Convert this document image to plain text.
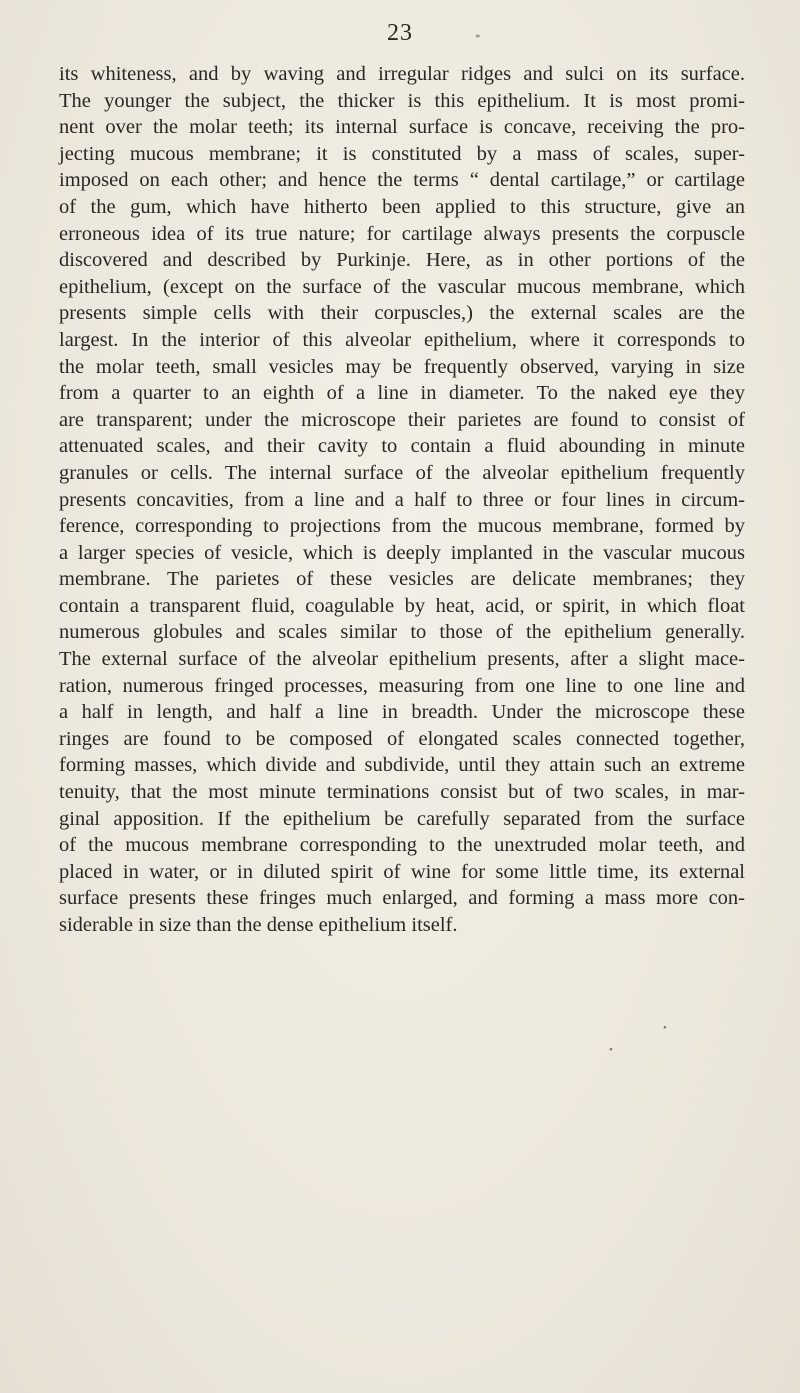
23	*
•
•
its whiteness, and by waving and irregular ridges and sulci on its surface.
The younger the subject, the thicker is this epithelium. It is most promi-
nent over the molar teeth; its internal surface is concave, receiving the pro-
jecting mucous membrane; it is constituted by a mass of scales, super-
imposed on each other; and hence the terms “ dental cartilage,” or cartilage
of the gum, which have hitherto been applied to this structure, give an
erroneous idea of its true nature; for cartilage always presents the corpuscle
discovered and described by Purkinje. Here, as in other portions of the
epithelium, (except on the surface of the vascular mucous membrane, which
presents simple cells with their corpuscles,) the external scales are the
largest. In the interior of this alveolar epithelium, where it corresponds to
the molar teeth, small vesicles may be frequently observed, varying in size
from a quarter to an eighth of a line in diameter. To the naked eye they
are transparent; under the microscope their parietes are found to consist of
attenuated scales, and their cavity to contain a fluid abounding in minute
granules or cells. The internal surface of the alveolar epithelium frequently
presents concavities, from a line and a half to three or four lines in circum-
ference, corresponding to projections from the mucous membrane, formed by
a larger species of vesicle, which is deeply implanted in the vascular mucous
membrane. The parietes of these vesicles are delicate membranes; they
contain a transparent fluid, coagulable by heat, acid, or spirit, in which float
numerous globules and scales similar to those of the epithelium generally.
The external surface of the alveolar epithelium presents, after a slight mace-
ration, numerous fringed processes, measuring from one line to one line and
a half in length, and half a line in breadth. Under the microscope these
ringes are found to be composed of elongated scales connected together,
forming masses, which divide and subdivide, until they attain such an extreme
tenuity, that the most minute terminations consist but of two scales, in mar-
ginal apposition. If the epithelium be carefully separated from the surface
of the mucous membrane corresponding to the unextruded molar teeth, and
placed in water, or in diluted spirit of wine for some little time, its external
surface presents these fringes much enlarged, and forming a mass more con-
siderable in size than the dense epithelium itself.
